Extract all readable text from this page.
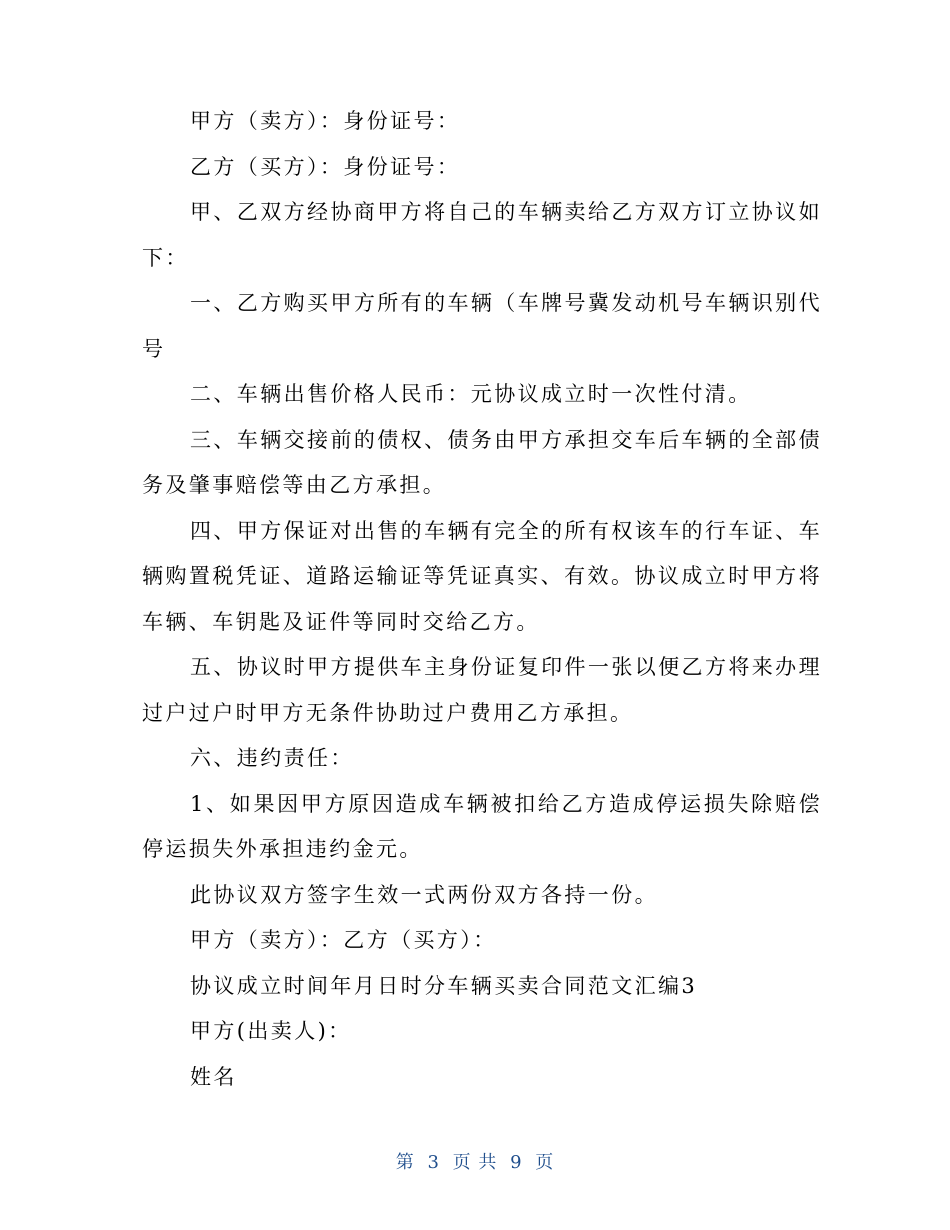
甲方（卖方）：身份证号：

乙方（买方）：身份证号：

甲、乙双方经协商甲方将自己的车辆卖给乙方双方订立协议如下：

一、乙方购买甲方所有的车辆（车牌号冀发动机号车辆识别代号

二、车辆出售价格人民币：元协议成立时一次性付清。

三、车辆交接前的债权、债务由甲方承担交车后车辆的全部债务及肇事赔偿等由乙方承担。

四、甲方保证对出售的车辆有完全的所有权该车的行车证、车辆购置税凭证、道路运输证等凭证真实、有效。协议成立时甲方将车辆、车钥匙及证件等同时交给乙方。

五、协议时甲方提供车主身份证复印件一张以便乙方将来办理过户过户时甲方无条件协助过户费用乙方承担。

六、违约责任：

1、如果因甲方原因造成车辆被扣给乙方造成停运损失除赔偿停运损失外承担违约金元。

此协议双方签字生效一式两份双方各持一份。

甲方（卖方）：乙方（买方）：

协议成立时间年月日时分车辆买卖合同范文汇编3

甲方(出卖人)：

姓名

第 3 页 共 9 页
